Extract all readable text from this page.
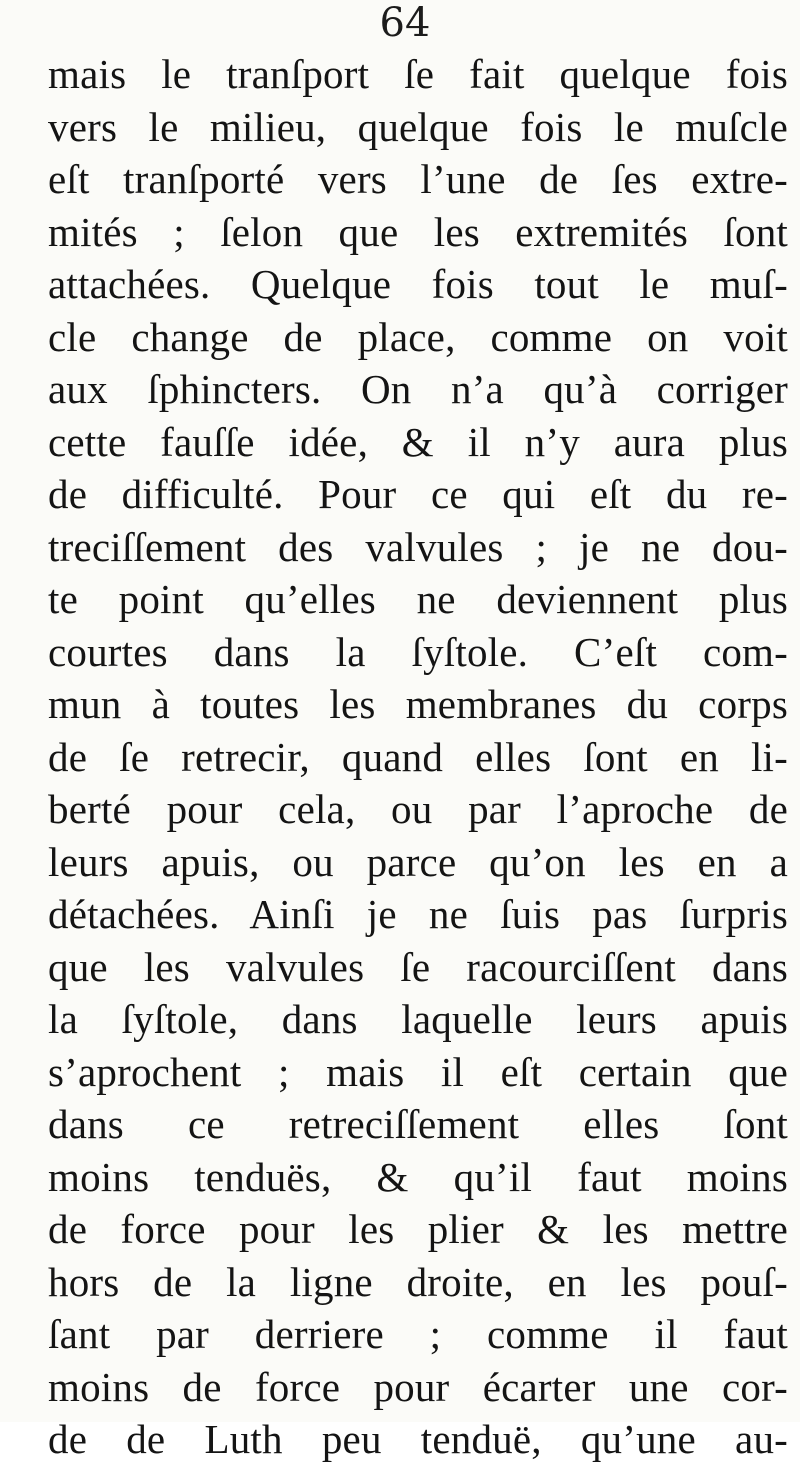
64
mais le tranſport ſe fait quelque fois
vers le milieu, quelque fois le muſcle
eſt tranſporté vers l’une de ſes extre-
mités ; ſelon que les extremités ſont
attachées. Quelque fois tout le muſ-
cle change de place, comme on voit
aux ſphincters. On n’a qu’à corriger
cette fauſſe idée, & il n’y aura plus
de difficulté. Pour ce qui eſt du re-
treciſſement des valvules ; je ne dou-
te point qu’elles ne deviennent plus
courtes dans la ſyſtole. C’eſt com-
mun à toutes les membranes du corps
de ſe retrecir, quand elles ſont en li-
berté pour cela, ou par l’aproche de
leurs apuis, ou parce qu’on les en a
détachées. Ainſi je ne ſuis pas ſurpris
que les valvules ſe racourciſſent dans
la ſyſtole, dans laquelle leurs apuis
s’aprochent ; mais il eſt certain que
dans ce retreciſſement elles ſont
moins tenduës, & qu’il faut moins
de force pour les plier & les mettre
hors de la ligne droite, en les pouſ-
ſant par derriere ; comme il faut
moins de force pour écarter une cor-
de de Luth peu tenduë, qu’une au-
